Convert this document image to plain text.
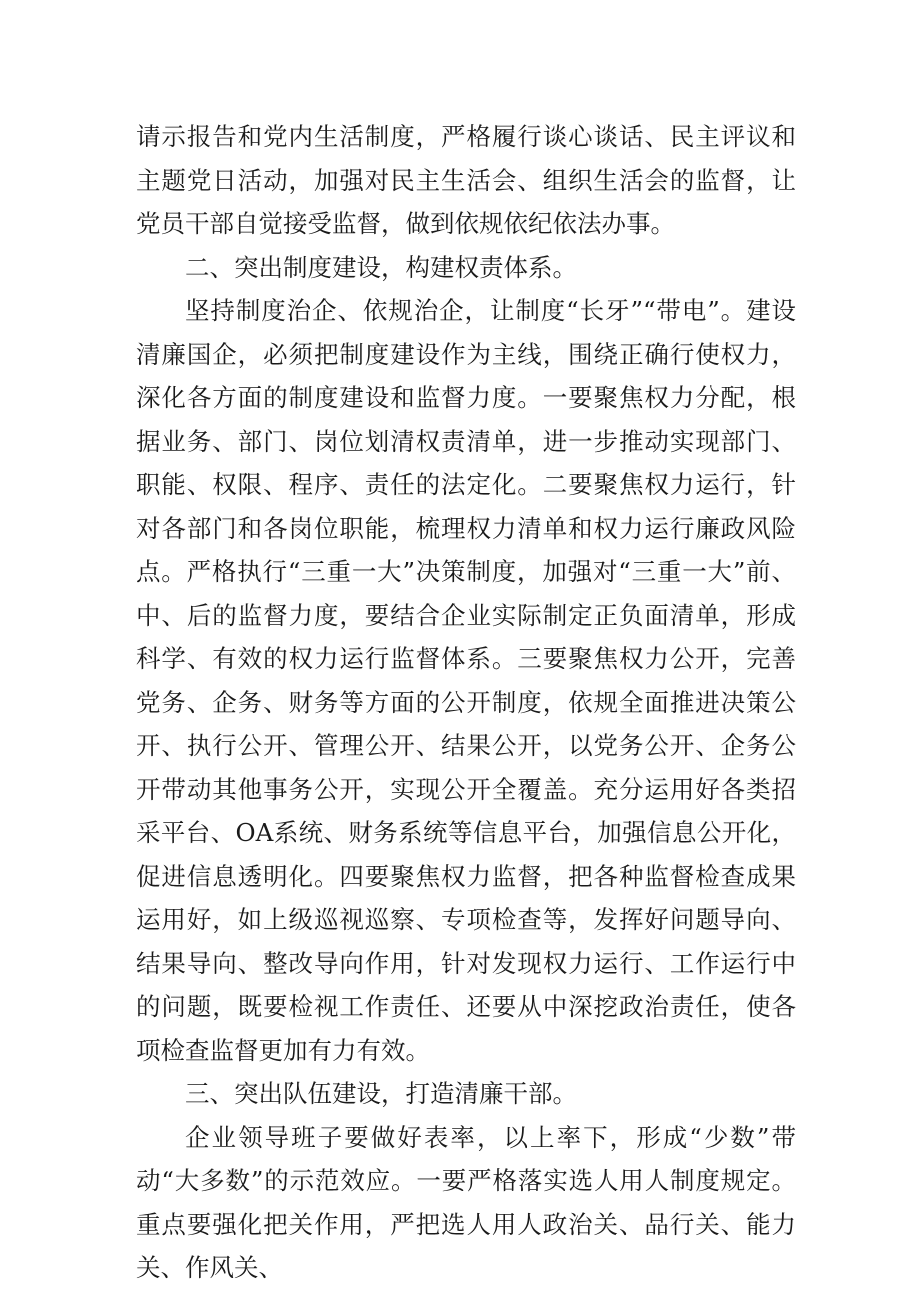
请示报告和党内生活制度，严格履行谈心谈话、民主评议和主题党日活动，加强对民主生活会、组织生活会的监督，让党员干部自觉接受监督，做到依规依纪依法办事。

二、突出制度建设，构建权责体系。

坚持制度治企、依规治企，让制度“长牙”“带电”。建设清廉国企，必须把制度建设作为主线，围绕正确行使权力，深化各方面的制度建设和监督力度。一要聚焦权力分配，根据业务、部门、岗位划清权责清单，进一步推动实现部门、职能、权限、程序、责任的法定化。二要聚焦权力运行，针对各部门和各岗位职能，梳理权力清单和权力运行廉政风险点。严格执行“三重一大”决策制度，加强对“三重一大”前、中、后的监督力度，要结合企业实际制定正负面清单，形成科学、有效的权力运行监督体系。三要聚焦权力公开，完善党务、企务、财务等方面的公开制度，依规全面推进决策公开、执行公开、管理公开、结果公开，以党务公开、企务公开带动其他事务公开，实现公开全覆盖。充分运用好各类招采平台、OA系统、财务系统等信息平台，加强信息公开化，促进信息透明化。四要聚焦权力监督，把各种监督检查成果运用好，如上级巡视巡察、专项检查等，发挥好问题导向、结果导向、整改导向作用，针对发现权力运行、工作运行中的问题，既要检视工作责任、还要从中深挖政治责任，使各项检查监督更加有力有效。

三、突出队伍建设，打造清廉干部。

企业领导班子要做好表率，以上率下，形成“少数”带动“大多数”的示范效应。一要严格落实选人用人制度规定。重点要强化把关作用，严把选人用人政治关、品行关、能力关、作风关、
